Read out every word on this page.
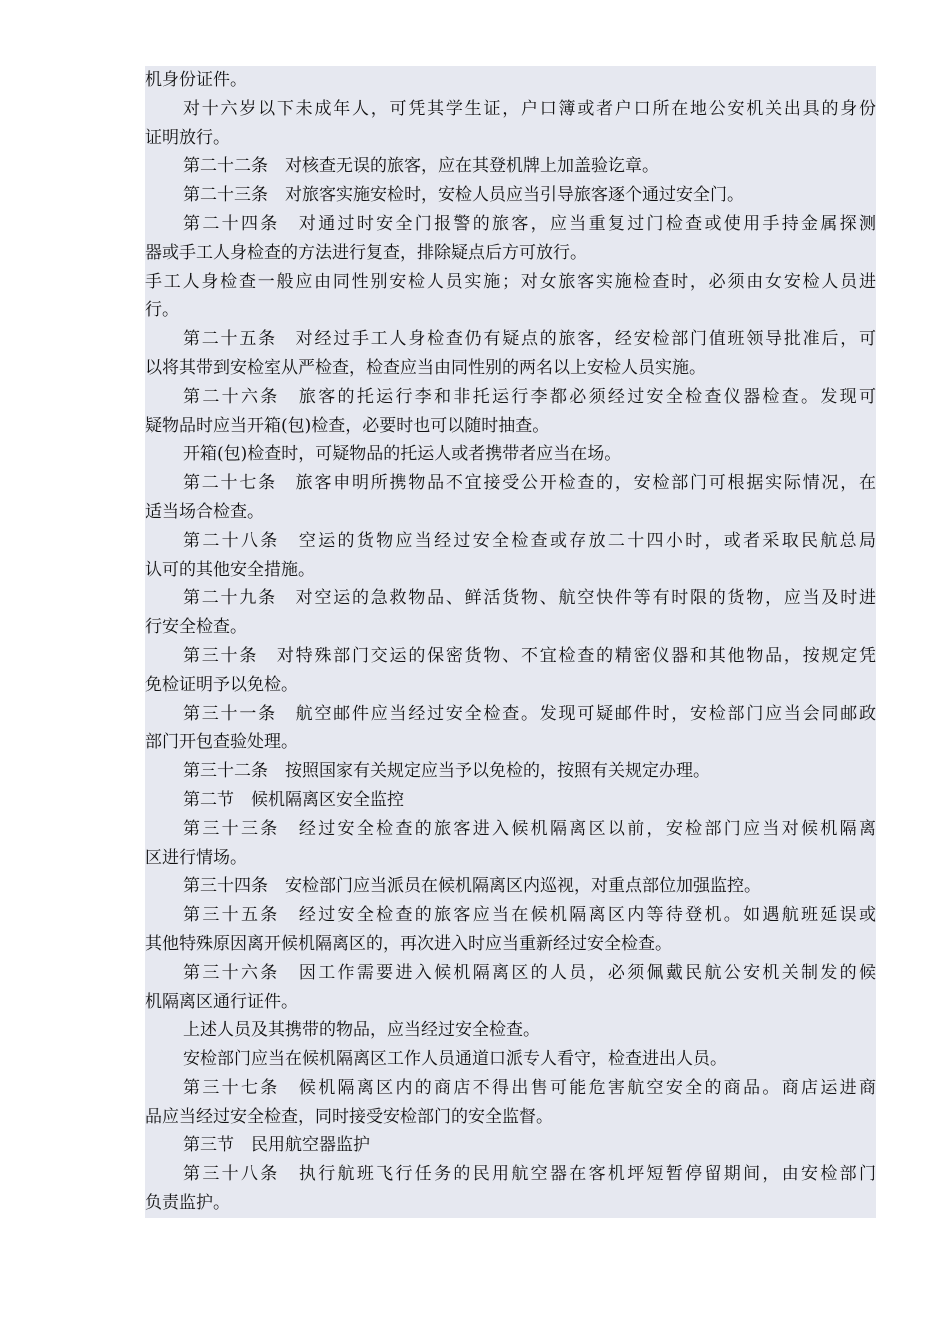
机身份证件。
对十六岁以下未成年人，可凭其学生证，户口簿或者户口所在地公安机关出具的身份
证明放行。
第二十二条　对核查无误的旅客，应在其登机牌上加盖验讫章。
第二十三条　对旅客实施安检时，安检人员应当引导旅客逐个通过安全门。
第二十四条　对通过时安全门报警的旅客，应当重复过门检查或使用手持金属探测
器或手工人身检查的方法进行复查，排除疑点后方可放行。
手工人身检查一般应由同性别安检人员实施；对女旅客实施检查时，必须由女安检人员进
行。
第二十五条　对经过手工人身检查仍有疑点的旅客，经安检部门值班领导批准后，可
以将其带到安检室从严检查，检查应当由同性别的两名以上安检人员实施。
第二十六条　旅客的托运行李和非托运行李都必须经过安全检查仪器检查。发现可
疑物品时应当开箱(包)检查，必要时也可以随时抽查。
开箱(包)检查时，可疑物品的托运人或者携带者应当在场。
第二十七条　旅客申明所携物品不宜接受公开检查的，安检部门可根据实际情况，在
适当场合检查。
第二十八条　空运的货物应当经过安全检查或存放二十四小时，或者采取民航总局
认可的其他安全措施。
第二十九条　对空运的急救物品、鲜活货物、航空快件等有时限的货物，应当及时进
行安全检查。
第三十条　对特殊部门交运的保密货物、不宜检查的精密仪器和其他物品，按规定凭
免检证明予以免检。
第三十一条　航空邮件应当经过安全检查。发现可疑邮件时，安检部门应当会同邮政
部门开包查验处理。
第三十二条　按照国家有关规定应当予以免检的，按照有关规定办理。
第二节　候机隔离区安全监控
第三十三条　经过安全检查的旅客进入候机隔离区以前，安检部门应当对候机隔离
区进行情场。
第三十四条　安检部门应当派员在候机隔离区内巡视，对重点部位加强监控。
第三十五条　经过安全检查的旅客应当在候机隔离区内等待登机。如遇航班延误或
其他特殊原因离开候机隔离区的，再次进入时应当重新经过安全检查。
第三十六条　因工作需要进入候机隔离区的人员，必须佩戴民航公安机关制发的候
机隔离区通行证件。
上述人员及其携带的物品，应当经过安全检查。
安检部门应当在候机隔离区工作人员通道口派专人看守，检查进出人员。
第三十七条　候机隔离区内的商店不得出售可能危害航空安全的商品。商店运进商
品应当经过安全检查，同时接受安检部门的安全监督。
第三节　民用航空器监护
第三十八条　执行航班飞行任务的民用航空器在客机坪短暂停留期间，由安检部门
负责监护。
